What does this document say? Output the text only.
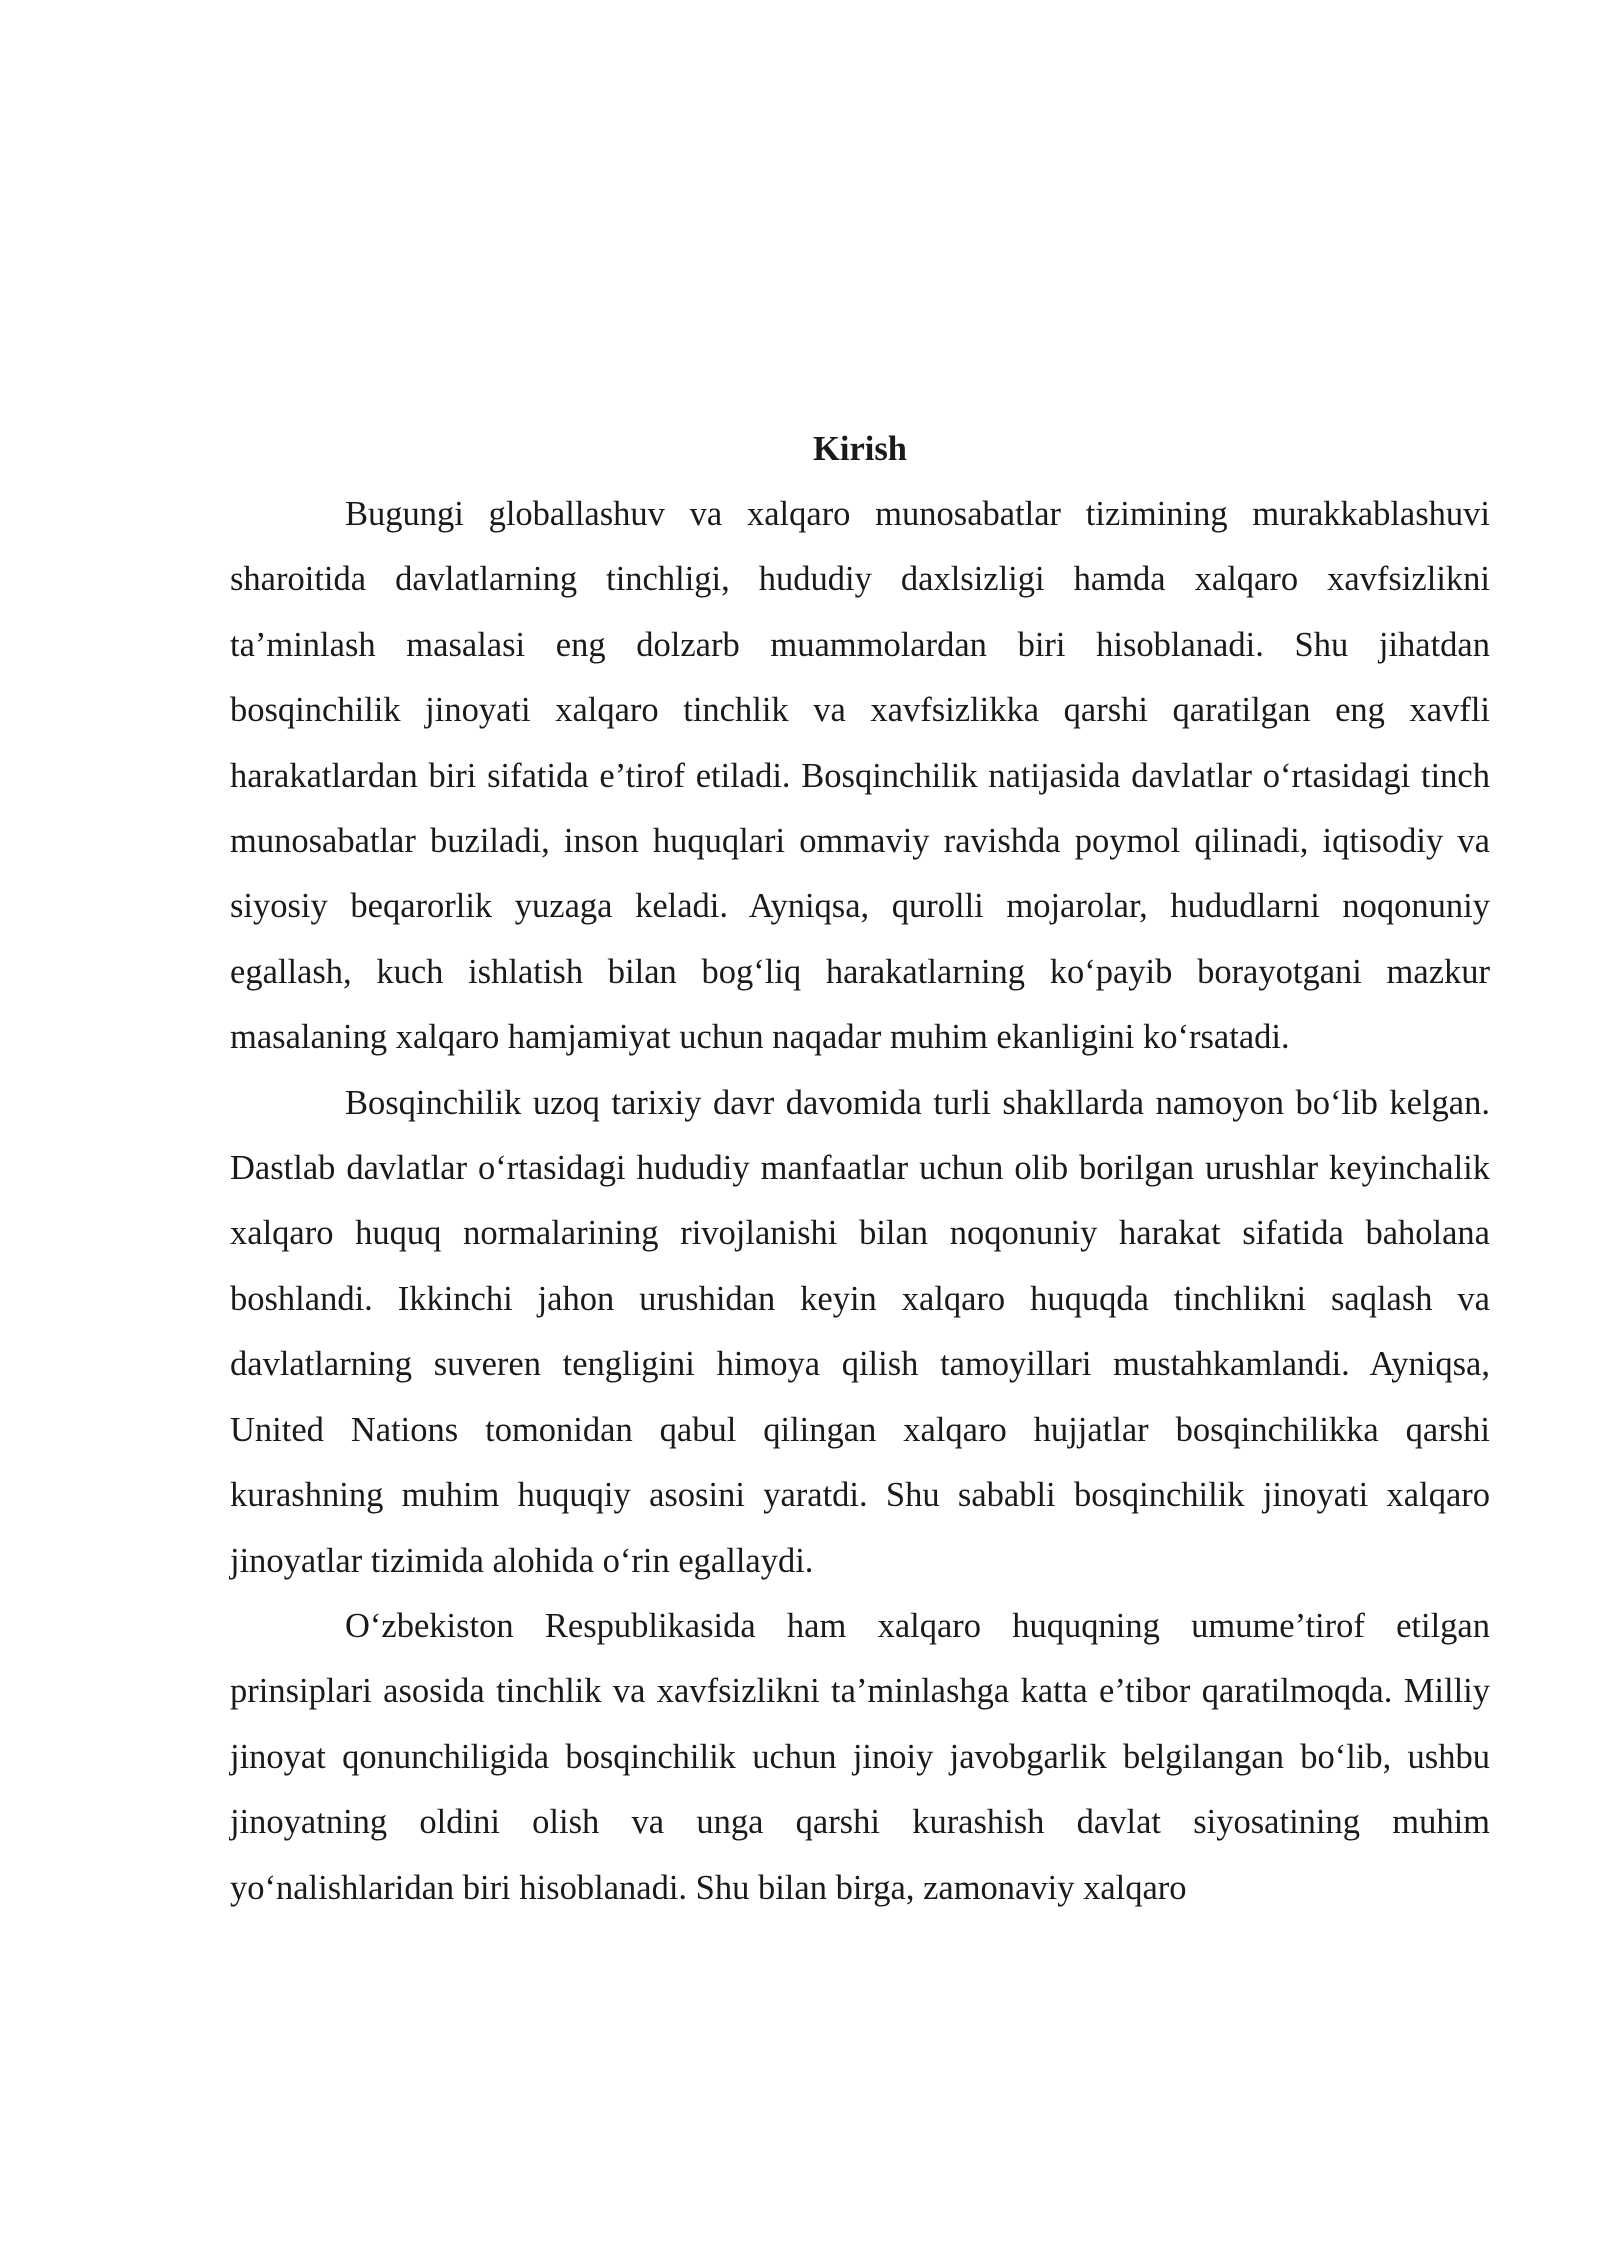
Kirish

Bugungi globallashuv va xalqaro munosabatlar tizimining murakkablashuvi sharoitida davlatlarning tinchligi, hududiy daxlsizligi hamda xalqaro xavfsizlikni ta’minlash masalasi eng dolzarb muammolardan biri hisoblanadi. Shu jihatdan bosqinchilik jinoyati xalqaro tinchlik va xavfsizlikka qarshi qaratilgan eng xavfli harakatlardan biri sifatida e’tirof etiladi. Bosqinchilik natijasida davlatlar o‘rtasidagi tinch munosabatlar buziladi, inson huquqlari ommaviy ravishda poymol qilinadi, iqtisodiy va siyosiy beqarorlik yuzaga keladi. Ayniqsa, qurolli mojarolar, hududlarni noqonuniy egallash, kuch ishlatish bilan bog‘liq harakatlarning ko‘payib borayotgani mazkur masalaning xalqaro hamjamiyat uchun naqadar muhim ekanligini ko‘rsatadi.

Bosqinchilik uzoq tarixiy davr davomida turli shakllarda namoyon bo‘lib kelgan. Dastlab davlatlar o‘rtasidagi hududiy manfaatlar uchun olib borilgan urushlar keyinchalik xalqaro huquq normalarining rivojlanishi bilan noqonuniy harakat sifatida baholana boshlandi. Ikkinchi jahon urushidan keyin xalqaro huquqda tinchlikni saqlash va davlatlarning suveren tengligini himoya qilish tamoyillari mustahkamlandi. Ayniqsa, United Nations tomonidan qabul qilingan xalqaro hujjatlar bosqinchilikka qarshi kurashning muhim huquqiy asosini yaratdi. Shu sababli bosqinchilik jinoyati xalqaro jinoyatlar tizimida alohida o‘rin egallaydi.

O‘zbekiston Respublikasida ham xalqaro huquqning umume’tirof etilgan prinsiplari asosida tinchlik va xavfsizlikni ta’minlashga katta e’tibor qaratilmoqda. Milliy jinoyat qonunchiligida bosqinchilik uchun jinoiy javobgarlik belgilangan bo‘lib, ushbu jinoyatning oldini olish va unga qarshi kurashish davlat siyosatining muhim yo‘nalishlaridan biri hisoblanadi. Shu bilan birga, zamonaviy xalqaro
